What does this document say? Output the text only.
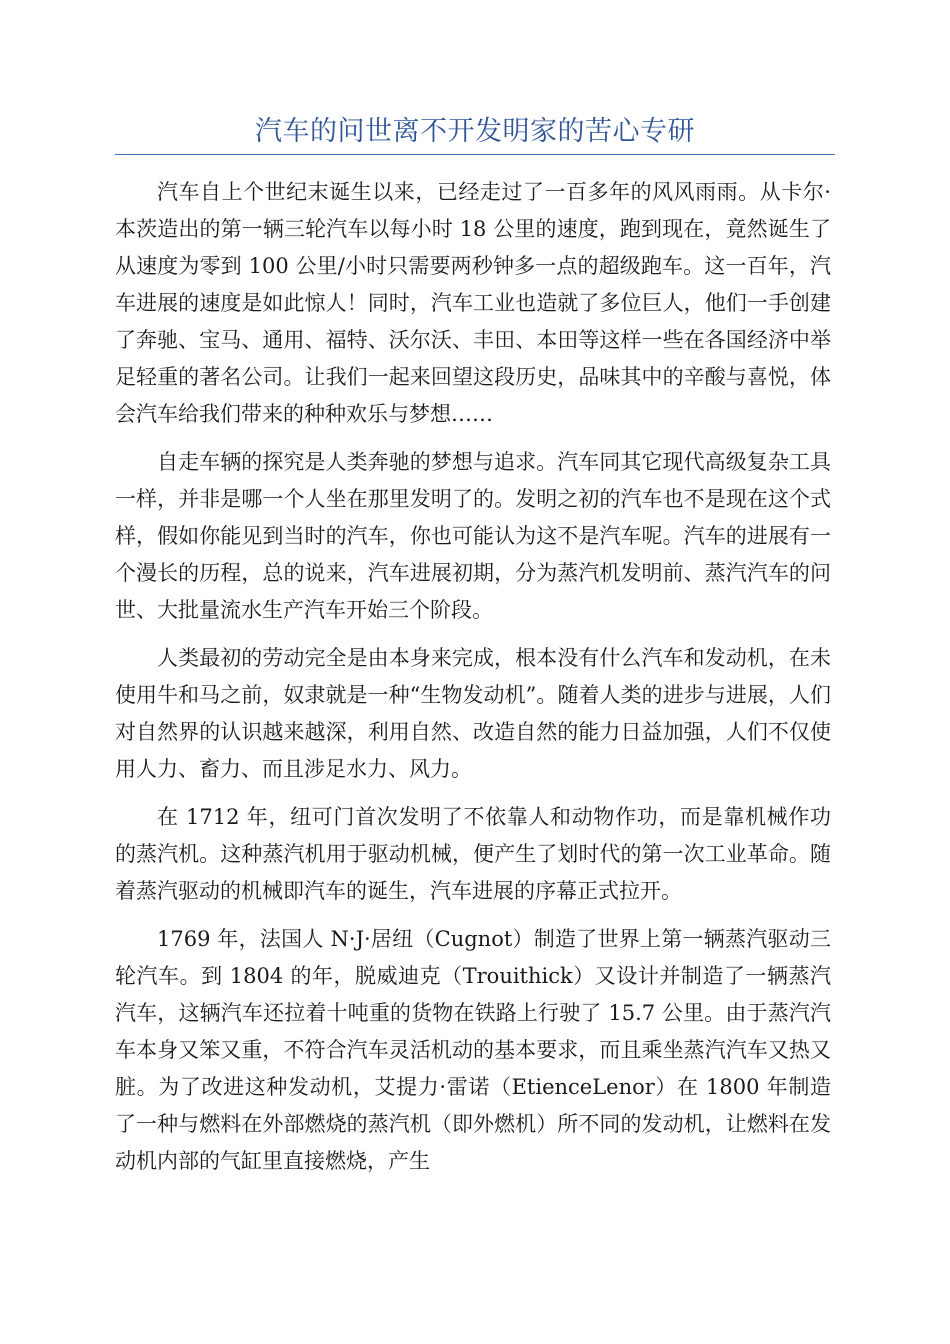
汽车的问世离不开发明家的苦心专研

汽车自上个世纪末诞生以来，已经走过了一百多年的风风雨雨。从卡尔·本茨造出的第一辆三轮汽车以每小时 18 公里的速度，跑到现在，竟然诞生了从速度为零到 100 公里/小时只需要两秒钟多一点的超级跑车。这一百年，汽车进展的速度是如此惊人！同时，汽车工业也造就了多位巨人，他们一手创建了奔驰、宝马、通用、福特、沃尔沃、丰田、本田等这样一些在各国经济中举足轻重的著名公司。让我们一起来回望这段历史，品味其中的辛酸与喜悦，体会汽车给我们带来的种种欢乐与梦想……

自走车辆的探究是人类奔驰的梦想与追求。汽车同其它现代高级复杂工具一样，并非是哪一个人坐在那里发明了的。发明之初的汽车也不是现在这个式样，假如你能见到当时的汽车，你也可能认为这不是汽车呢。汽车的进展有一个漫长的历程，总的说来，汽车进展初期，分为蒸汽机发明前、蒸汽汽车的问世、大批量流水生产汽车开始三个阶段。

人类最初的劳动完全是由本身来完成，根本没有什么汽车和发动机，在未使用牛和马之前，奴隶就是一种“生物发动机”。随着人类的进步与进展，人们对自然界的认识越来越深，利用自然、改造自然的能力日益加强，人们不仅使用人力、畜力、而且涉足水力、风力。

在 1712 年，纽可门首次发明了不依靠人和动物作功，而是靠机械作功的蒸汽机。这种蒸汽机用于驱动机械，便产生了划时代的第一次工业革命。随着蒸汽驱动的机械即汽车的诞生，汽车进展的序幕正式拉开。

1769 年，法国人 N·J·居纽（Cugnot）制造了世界上第一辆蒸汽驱动三轮汽车。到 1804 的年，脱威迪克（Trouithick）又设计并制造了一辆蒸汽汽车，这辆汽车还拉着十吨重的货物在铁路上行驶了 15.7 公里。由于蒸汽汽车本身又笨又重，不符合汽车灵活机动的基本要求，而且乘坐蒸汽汽车又热又脏。为了改进这种发动机，艾提力·雷诺（EtienceLenor）在 1800 年制造了一种与燃料在外部燃烧的蒸汽机（即外燃机）所不同的发动机，让燃料在发动机内部的气缸里直接燃烧，产生
